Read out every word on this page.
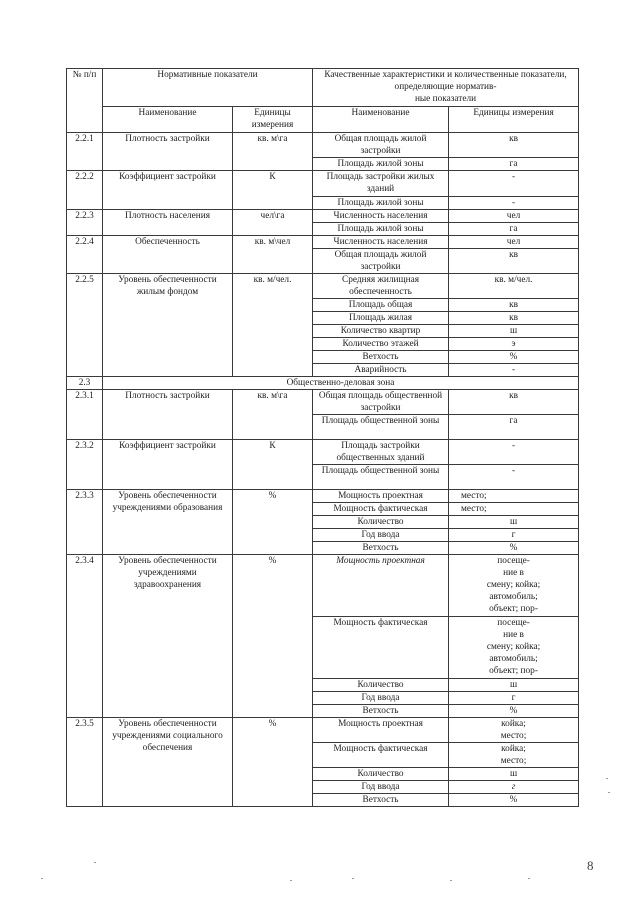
№ п/п	Нормативные показатели		Качественные характеристики и количественные показатели, определяющие норматив-
ные показатели	
	Наименование	Единицы измерения	Наименование	Единицы измерения
2.2.1	Плотность застройки	кв. м\га	Общая площадь жилой застройки	кв
			Площадь жилой зоны	га
2.2.2	Коэффициент застройки	К	Площадь застройки жилых зданий	-
			Площадь жилой зоны	-
2.2.3	Плотность населения	чел\га	Численность населения	чел
			Площадь жилой зоны	га
2.2.4	Обеспеченность	кв. м\чел	Численность населения	чел
			Общая площадь жилой застройки	кв
2.2.5	Уровень обеспеченности жилым фондом	кв. м/чел.	Средняя жилищная обеспеченность	кв. м/чел.
			Площадь общая	кв
			Площадь жилая	кв
			Количество квартир	ш
			Количество этажей	э
			Ветхость	%
			Аварийность	-
2.3	Общественно-деловая зона			
2.3.1	Плотность застройки	кв. м\га	Общая площадь общественной застройки	кв
			Площадь общественной зоны	га
2.3.2	Коэффициент застройки	К	Площадь застройки общественных зданий	-
			Площадь общественной зоны	-
2.3.3	Уровень обеспеченности учреждениями образования	%	Мощность проектная	место;
			Мощность фактическая	место;
			Количество	ш
			Год ввода	г
			Ветхость	%
2.3.4	Уровень обеспеченности учреждениями здравоохранения	%	Мощность проектная	посеще-
ние в
смену; койка;
автомобиль;
объект; пор-
			Мощность фактическая	посеще-
ние в
смену; койка;
автомобиль;
объект; пор-
			Количество	ш
			Год ввода	г
			Ветхость	%
2.3.5	Уровень обеспеченности учреждениями социального обеспечения	%	Мощность проектная	койка;
место;
			Мощность фактическая	койка;
место;
			Количество	ш
			Год ввода	г
			Ветхость	%
8
